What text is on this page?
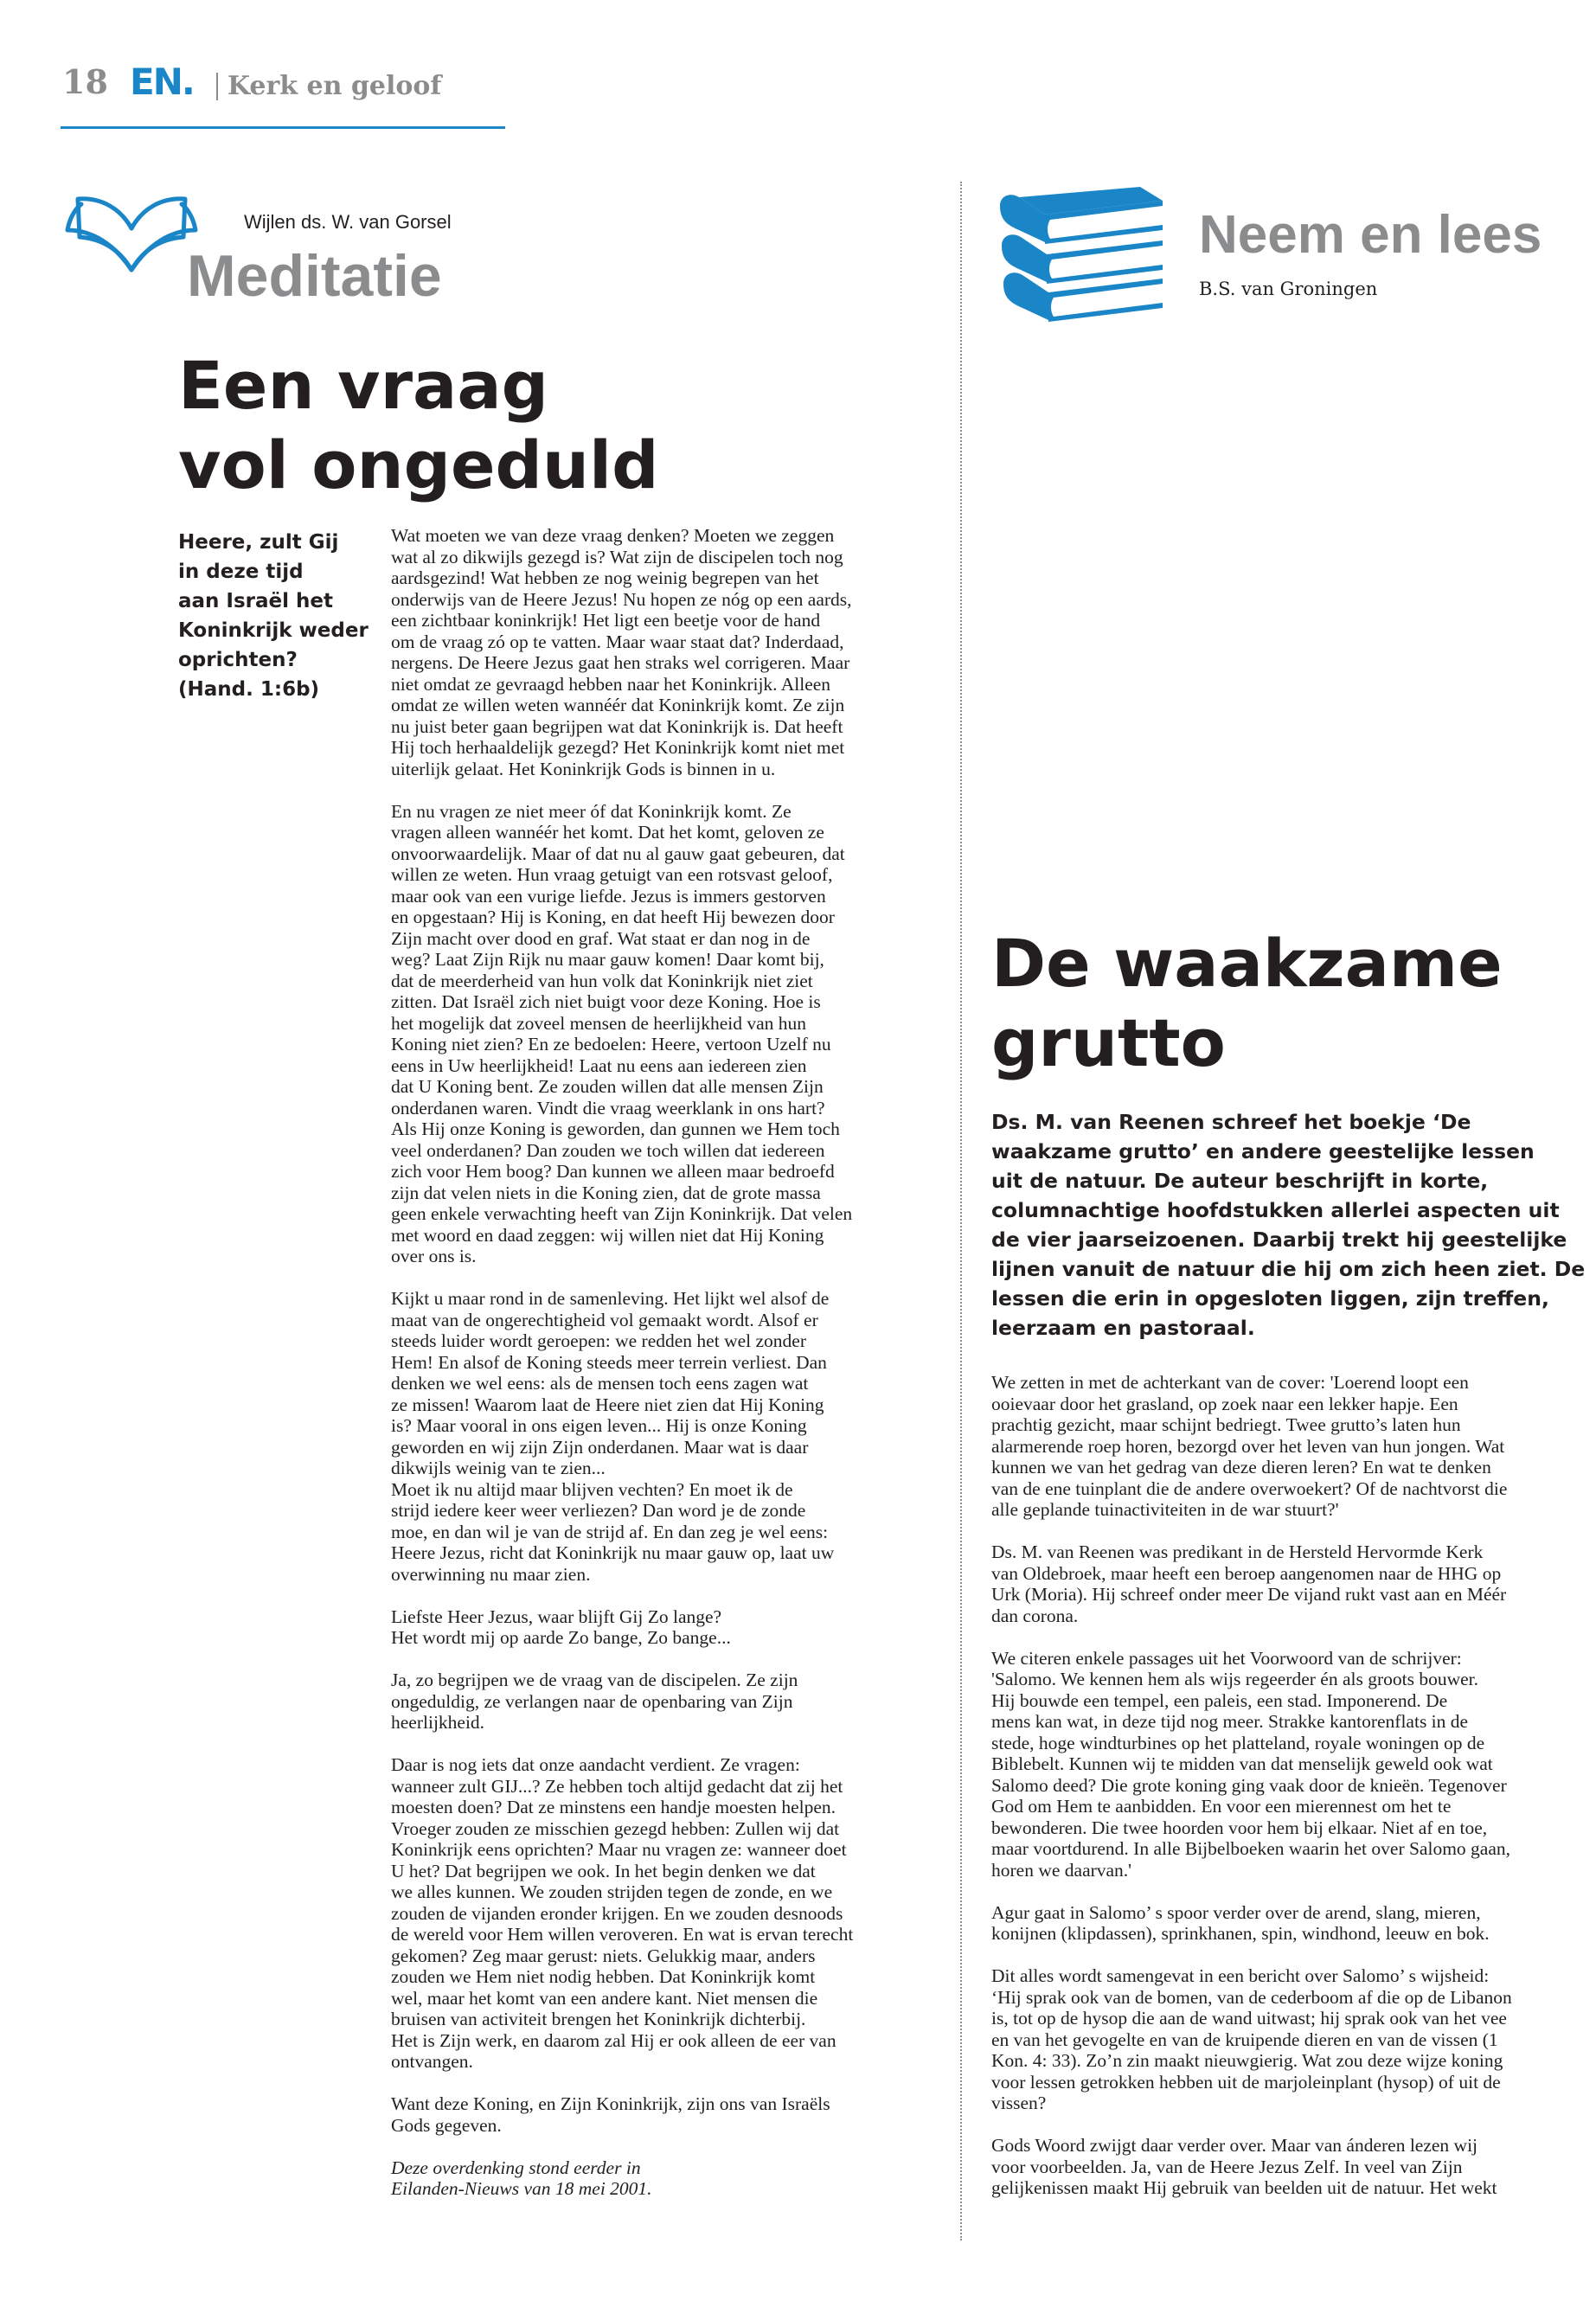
18 EN. Kerk en geloof
Wijlen ds. W. van Gorsel
Meditatie
Een vraag
vol ongeduld
Heere, zult Gij
in deze tijd
aan Israël het
Koninkrijk weder
oprichten?
(Hand. 1:6b)

Wat moeten we van deze vraag denken? Moeten we zeggen
wat al zo dikwijls gezegd is? Wat zijn de discipelen toch nog
aardsgezind! Wat hebben ze nog weinig begrepen van het
onderwijs van de Heere Jezus! Nu hopen ze nóg op een aards,
een zichtbaar koninkrijk! Het ligt een beetje voor de hand
om de vraag zó op te vatten. Maar waar staat dat? Inderdaad,
nergens. De Heere Jezus gaat hen straks wel corrigeren. Maar
niet omdat ze gevraagd hebben naar het Koninkrijk. Alleen
omdat ze willen weten wannéér dat Koninkrijk komt. Ze zijn
nu juist beter gaan begrijpen wat dat Koninkrijk is. Dat heeft
Hij toch herhaaldelijk gezegd? Het Koninkrijk komt niet met
uiterlijk gelaat. Het Koninkrijk Gods is binnen in u.

En nu vragen ze niet meer óf dat Koninkrijk komt. Ze
vragen alleen wannéér het komt. Dat het komt, geloven ze
onvoorwaardelijk. Maar of dat nu al gauw gaat gebeuren, dat
willen ze weten. Hun vraag getuigt van een rotsvast geloof,
maar ook van een vurige liefde. Jezus is immers gestorven
en opgestaan? Hij is Koning, en dat heeft Hij bewezen door
Zijn macht over dood en graf. Wat staat er dan nog in de
weg? Laat Zijn Rijk nu maar gauw komen! Daar komt bij,
dat de meerderheid van hun volk dat Koninkrijk niet ziet
zitten. Dat Israël zich niet buigt voor deze Koning. Hoe is
het mogelijk dat zoveel mensen de heerlijkheid van hun
Koning niet zien? En ze bedoelen: Heere, vertoon Uzelf nu
eens in Uw heerlijkheid! Laat nu eens aan iedereen zien
dat U Koning bent. Ze zouden willen dat alle mensen Zijn
onderdanen waren. Vindt die vraag weerklank in ons hart?
Als Hij onze Koning is geworden, dan gunnen we Hem toch
veel onderdanen? Dan zouden we toch willen dat iedereen
zich voor Hem boog? Dan kunnen we alleen maar bedroefd
zijn dat velen niets in die Koning zien, dat de grote massa
geen enkele verwachting heeft van Zijn Koninkrijk. Dat velen
met woord en daad zeggen: wij willen niet dat Hij Koning
over ons is.

Kijkt u maar rond in de samenleving. Het lijkt wel alsof de
maat van de ongerechtigheid vol gemaakt wordt. Alsof er
steeds luider wordt geroepen: we redden het wel zonder
Hem! En alsof de Koning steeds meer terrein verliest. Dan
denken we wel eens: als de mensen toch eens zagen wat
ze missen! Waarom laat de Heere niet zien dat Hij Koning
is? Maar vooral in ons eigen leven... Hij is onze Koning
geworden en wij zijn Zijn onderdanen. Maar wat is daar
dikwijls weinig van te zien...
Moet ik nu altijd maar blijven vechten? En moet ik de
strijd iedere keer weer verliezen? Dan word je de zonde
moe, en dan wil je van de strijd af. En dan zeg je wel eens:
Heere Jezus, richt dat Koninkrijk nu maar gauw op, laat uw
overwinning nu maar zien.

Liefste Heer Jezus, waar blijft Gij Zo lange?
Het wordt mij op aarde Zo bange, Zo bange...

Ja, zo begrijpen we de vraag van de discipelen. Ze zijn
ongeduldig, ze verlangen naar de openbaring van Zijn
heerlijkheid.

Daar is nog iets dat onze aandacht verdient. Ze vragen:
wanneer zult GIJ...? Ze hebben toch altijd gedacht dat zij het
moesten doen? Dat ze minstens een handje moesten helpen.
Vroeger zouden ze misschien gezegd hebben: Zullen wij dat
Koninkrijk eens oprichten? Maar nu vragen ze: wanneer doet
U het? Dat begrijpen we ook. In het begin denken we dat
we alles kunnen. We zouden strijden tegen de zonde, en we
zouden de vijanden eronder krijgen. En we zouden desnoods
de wereld voor Hem willen veroveren. En wat is ervan terecht
gekomen? Zeg maar gerust: niets. Gelukkig maar, anders
zouden we Hem niet nodig hebben. Dat Koninkrijk komt
wel, maar het komt van een andere kant. Niet mensen die
bruisen van activiteit brengen het Koninkrijk dichterbij.
Het is Zijn werk, en daarom zal Hij er ook alleen de eer van
ontvangen.

Want deze Koning, en Zijn Koninkrijk, zijn ons van Israëls
Gods gegeven.

Deze overdenking stond eerder in
Eilanden-Nieuws van 18 mei 2001.

Neem en lees
B.S. van Groningen
De waakzame
grutto
Ds. M. van Reenen schreef het boekje ‘De
waakzame grutto’ en andere geestelijke lessen
uit de natuur. De auteur beschrijft in korte,
columnachtige hoofdstukken allerlei aspecten uit
de vier jaarseizoenen. Daarbij trekt hij geestelijke
lijnen vanuit de natuur die hij om zich heen ziet. De
lessen die erin in opgesloten liggen, zijn treffen,
leerzaam en pastoraal.

We zetten in met de achterkant van de cover: 'Loerend loopt een
ooievaar door het grasland, op zoek naar een lekker hapje. Een
prachtig gezicht, maar schijnt bedriegt. Twee grutto’s laten hun
alarmerende roep horen, bezorgd over het leven van hun jongen. Wat
kunnen we van het gedrag van deze dieren leren? En wat te denken
van de ene tuinplant die de andere overwoekert? Of de nachtvorst die
alle geplande tuinactiviteiten in de war stuurt?'

Ds. M. van Reenen was predikant in de Hersteld Hervormde Kerk
van Oldebroek, maar heeft een beroep aangenomen naar de HHG op
Urk (Moria). Hij schreef onder meer De vijand rukt vast aan en Méér
dan corona.

We citeren enkele passages uit het Voorwoord van de schrijver:
'Salomo. We kennen hem als wijs regeerder én als groots bouwer.
Hij bouwde een tempel, een paleis, een stad. Imponerend. De
mens kan wat, in deze tijd nog meer. Strakke kantorenflats in de
stede, hoge windturbines op het platteland, royale woningen op de
Biblebelt. Kunnen wij te midden van dat menselijk geweld ook wat
Salomo deed? Die grote koning ging vaak door de knieën. Tegenover
God om Hem te aanbidden. En voor een mierennest om het te
bewonderen. Die twee hoorden voor hem bij elkaar. Niet af en toe,
maar voortdurend. In alle Bijbelboeken waarin het over Salomo gaan,
horen we daarvan.'

Agur gaat in Salomo’ s spoor verder over de arend, slang, mieren,
konijnen (klipdassen), sprinkhanen, spin, windhond, leeuw en bok.

Dit alles wordt samengevat in een bericht over Salomo’ s wijsheid:
‘Hij sprak ook van de bomen, van de cederboom af die op de Libanon
is, tot op de hysop die aan de wand uitwast; hij sprak ook van het vee
en van het gevogelte en van de kruipende dieren en van de vissen (1
Kon. 4: 33). Zo’n zin maakt nieuwgierig. Wat zou deze wijze koning
voor lessen getrokken hebben uit de marjoleinplant (hysop) of uit de
vissen?

Gods Woord zwijgt daar verder over. Maar van ánderen lezen wij
voor voorbeelden. Ja, van de Heere Jezus Zelf. In veel van Zijn
gelijkenissen maakt Hij gebruik van beelden uit de natuur. Het wekt
